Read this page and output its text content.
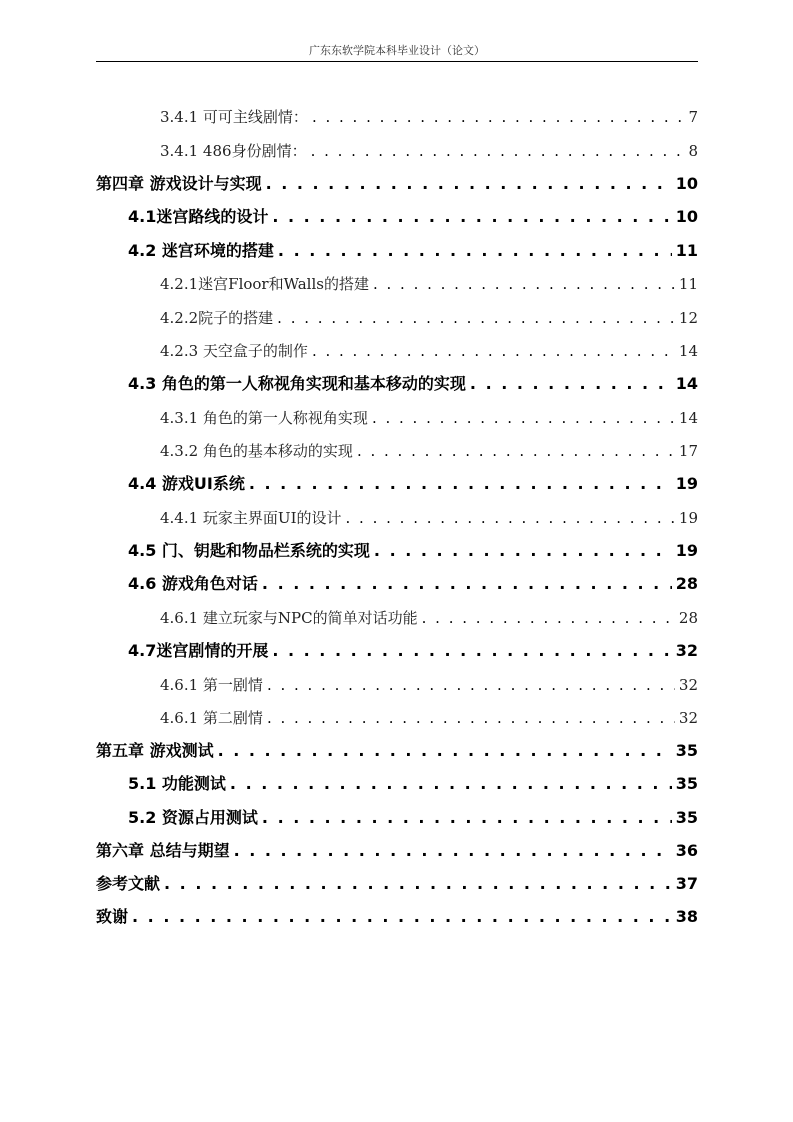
广东东软学院本科毕业设计（论文）
3.4.1 可可主线剧情： . . .	7
3.4.1 486身份剧情： . . .	8
第四章 游戏设计与实现 . . .	10
4.1迷宫路线的设计 . . .	10
4.2 迷宫环境的搭建 . . .	11
4.2.1迷宫Floor和Walls的搭建 . . .	11
4.2.2院子的搭建 . . .	12
4.2.3 天空盒子的制作 . . .	14
4.3 角色的第一人称视角实现和基本移动的实现 . . .	14
4.3.1 角色的第一人称视角实现 . . .	14
4.3.2 角色的基本移动的实现 . . .	17
4.4 游戏UI系统 . . .	19
4.4.1 玩家主界面UI的设计 . . .	19
4.5 门、钥匙和物品栏系统的实现 . . .	19
4.6 游戏角色对话 . . .	28
4.6.1 建立玩家与NPC的简单对话功能 . . .	28
4.7迷宫剧情的开展 . . .	32
4.6.1 第一剧情 . . .	32
4.6.1 第二剧情 . . .	32
第五章 游戏测试 . . .	35
5.1 功能测试 . . .	35
5.2 资源占用测试 . . .	35
第六章 总结与期望 . . .	36
参考文献 . . .	37
致谢 . . .	38
